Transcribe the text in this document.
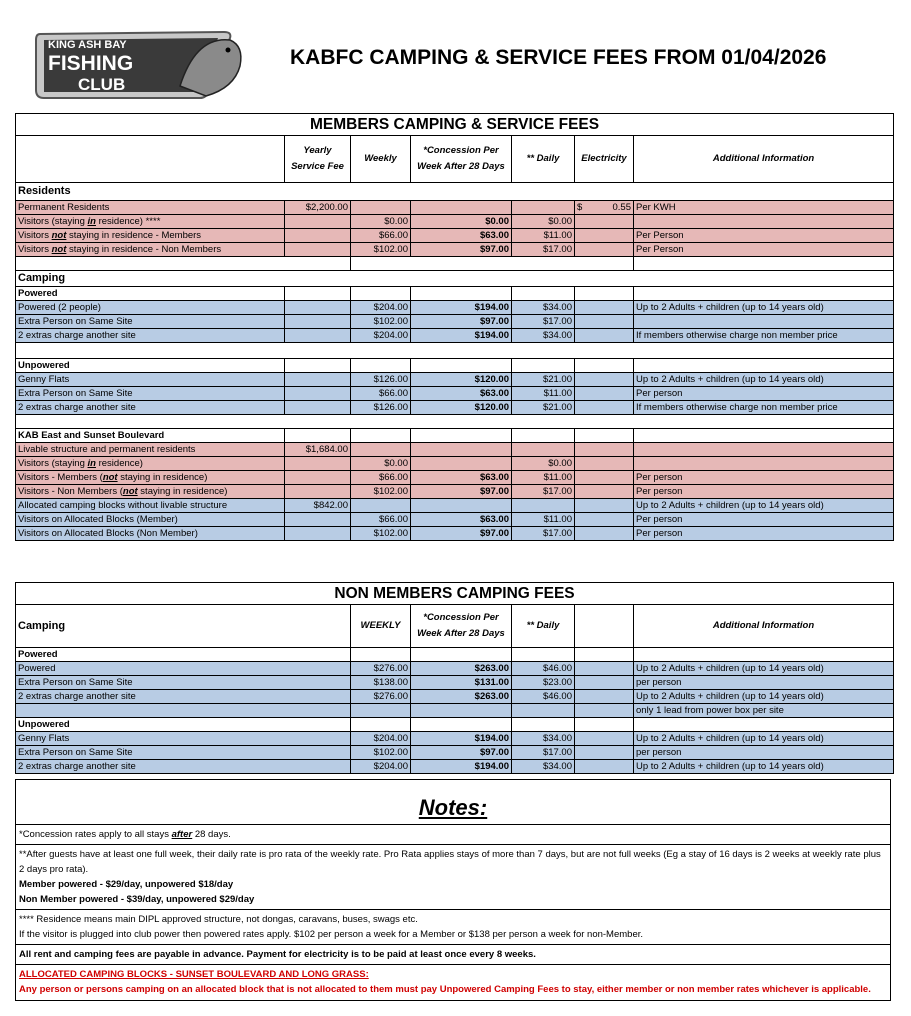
KING ASH BAY
FISHING
CLUB
KABFC CAMPING & SERVICE FEES FROM 01/04/2026
MEMBERS CAMPING & SERVICE FEES						
	Yearly Service Fee	Weekly	*Concession Per Week After 28 Days	** Daily	Electricity	Additional Information
Residents						
Permanent Residents	$2,200.00				$ 0.55	Per KWH
Visitors (staying in residence) ****		$0.00	$0.00	$0.00		
Visitors not staying in residence - Members		$66.00	$63.00	$11.00		Per Person
Visitors not staying in residence - Non Members		$102.00	$97.00	$17.00		Per Person

Camping						
Powered						
Powered (2 people)		$204.00	$194.00	$34.00		Up to 2 Adults + children (up to 14 years old)
Extra Person on Same Site		$102.00	$97.00	$17.00		
2 extras charge another site		$204.00	$194.00	$34.00		If members otherwise charge non member price

Unpowered						
Genny Flats		$126.00	$120.00	$21.00		Up to 2 Adults + children (up to 14 years old)
Extra Person on Same Site		$66.00	$63.00	$11.00		Per person
2 extras charge another site		$126.00	$120.00	$21.00		If members otherwise charge non member price

KAB East and Sunset Boulevard						
Livable structure and permanent residents	$1,684.00					
Visitors (staying in residence)		$0.00		$0.00		
Visitors - Members (not staying in residence)		$66.00	$63.00	$11.00		Per person
Visitors - Non Members (not staying in residence)		$102.00	$97.00	$17.00		Per person
Allocated camping blocks without livable structure	$842.00					Up to 2 Adults + children (up to 14 years old)
Visitors on Allocated Blocks (Member)		$66.00	$63.00	$11.00		Per person
Visitors on Allocated Blocks (Non Member)		$102.00	$97.00	$17.00		Per person
NON MEMBERS CAMPING FEES					
Camping	WEEKLY	*Concession Per Week After 28 Days	** Daily		Additional Information
Powered					
Powered	$276.00	$263.00	$46.00		Up to 2 Adults + children (up to 14 years old)
Extra Person on Same Site	$138.00	$131.00	$23.00		per person
2 extras charge another site	$276.00	$263.00	$46.00		Up to 2 Adults + children (up to 14 years old)
					only 1 lead from power box per site
Unpowered					
Genny Flats	$204.00	$194.00	$34.00		Up to 2 Adults + children (up to 14 years old)
Extra Person on Same Site	$102.00	$97.00	$17.00		per person
2 extras charge another site	$204.00	$194.00	$34.00		Up to 2 Adults + children (up to 14 years old)
Notes:
*Concession rates apply to all stays after 28 days.
**After guests have at least one full week, their daily rate is pro rata of the weekly rate. Pro Rata applies stays of more than 7 days, but are not full weeks (Eg a stay of 16 days is 2 weeks at weekly rate plus 2 days pro rata).
Member powered - $29/day, unpowered $18/day
Non Member powered - $39/day, unpowered $29/day
**** Residence means main DIPL approved structure, not dongas, caravans, buses, swags etc.
If the visitor is plugged into club power then powered rates apply. $102 per person a week for a Member or $138 per person a week for non-Member.
All rent and camping fees are payable in advance. Payment for electricity is to be paid at least once every 8 weeks.
ALLOCATED CAMPING BLOCKS - SUNSET BOULEVARD AND LONG GRASS:
Any person or persons camping on an allocated block that is not allocated to them must pay Unpowered Camping Fees to stay, either member or non member rates whichever is applicable.
